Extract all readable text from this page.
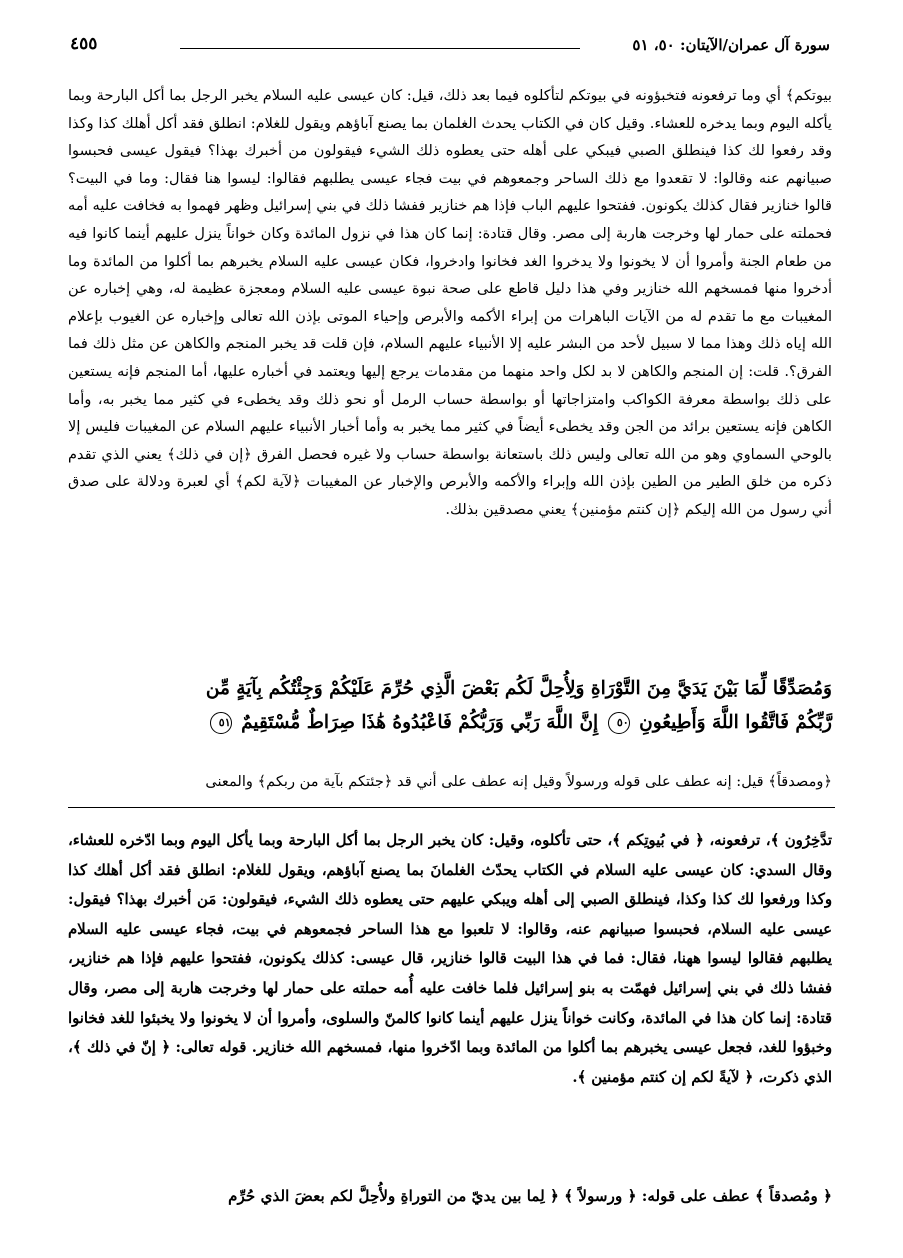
سورة آل عمران/الآيتان: ٥٠، ٥١
٤٥٥

بيوتكم﴾ أي وما ترفعونه فتخبؤونه في بيوتكم لتأكلوه فيما بعد ذلك، قيل: كان عيسى عليه السلام يخبر الرجل بما أكل البارحة وبما يأكله اليوم وبما يدخره للعشاء. وقيل كان في الكتاب يحدث الغلمان بما يصنع آباؤهم ويقول للغلام: انطلق فقد أكل أهلك كذا وكذا وقد رفعوا لك كذا فينطلق الصبي فيبكي على أهله حتى يعطوه ذلك الشيء فيقولون من أخبرك بهذا؟ فيقول عيسى فحبسوا صبيانهم عنه وقالوا: لا تقعدوا مع ذلك الساحر وجمعوهم في بيت فجاء عيسى يطلبهم فقالوا: ليسوا هنا فقال: وما في البيت؟ قالوا خنازير فقال كذلك يكونون. ففتحوا عليهم الباب فإذا هم خنازير ففشا ذلك في بني إسرائيل وظهر فهموا به فخافت عليه أمه فحملته على حمار لها وخرجت هاربة إلى مصر. وقال قتادة: إنما كان هذا في نزول المائدة وكان خواناً ينزل عليهم أينما كانوا فيه من طعام الجنة وأمروا أن لا يخونوا ولا يدخروا الغد فخانوا وادخروا، فكان عيسى عليه السلام يخبرهم بما أكلوا من المائدة وما أدخروا منها فمسخهم الله خنازير وفي هذا دليل قاطع على صحة نبوة عيسى عليه السلام ومعجزة عظيمة له، وهي إخباره عن المغيبات مع ما تقدم له من الآيات الباهرات من إبراء الأكمه والأبرص وإحياء الموتى بإذن الله تعالى وإخباره عن الغيوب بإعلام الله إياه ذلك وهذا مما لا سبيل لأحد من البشر عليه إلا الأنبياء عليهم السلام، فإن قلت قد يخبر المنجم والكاهن عن مثل ذلك فما الفرق؟. قلت: إن المنجم والكاهن لا بد لكل واحد منهما من مقدمات يرجع إليها ويعتمد في أخباره عليها، أما المنجم فإنه يستعين على ذلك بواسطة معرفة الكواكب وامتزاجاتها أو بواسطة حساب الرمل أو نحو ذلك وقد يخطىء في كثير مما يخبر به، وأما الكاهن فإنه يستعين برائد من الجن وقد يخطىء أيضاً في كثير مما يخبر به وأما أخبار الأنبياء عليهم السلام عن المغيبات فليس إلا بالوحي السماوي وهو من الله تعالى وليس ذلك باستعانة بواسطة حساب ولا غيره فحصل الفرق ﴿إن في ذلك﴾ يعني الذي تقدم ذكره من خلق الطير من الطين بإذن الله وإبراء والأكمه والأبرص والإخبار عن المغيبات ﴿لآية لكم﴾ أي لعبرة ودلالة على صدق أني رسول من الله إليكم ﴿إن كنتم مؤمنين﴾ يعني مصدقين بذلك.

وَمُصَدِّقًا لِّمَا بَيْنَ يَدَيَّ مِنَ التَّوْرَاةِ وَلِأُحِلَّ لَكُم بَعْضَ الَّذِي حُرِّمَ عَلَيْكُمْ وَجِئْتُكُم بِآيَةٍ مِّن

رَّبِّكُمْ فَاتَّقُوا اللَّهَ وَأَطِيعُونِ ٥٠ إِنَّ اللَّهَ رَبِّي وَرَبُّكُمْ فَاعْبُدُوهُ هَٰذَا صِرَاطٌ مُّسْتَقِيمٌ ٥١

﴿ومصدقاً﴾ قيل: إنه عطف على قوله ورسولاً وقيل إنه عطف على أني قد ﴿جئتكم بآية من ربكم﴾ والمعنى

تدَّخِرُون ﴾، ترفعونه، ﴿ في بُيوتِكم ﴾، حتى تأكلوه، وقيل: كان يخبر الرجل بما أكل البارحة وبما يأكل اليوم وبما ادّخره للعشاء، وقال السدي: كان عيسى عليه السلام في الكتاب يحدّث الغلمانَ بما يصنع آباؤهم، ويقول للغلام: انطلق فقد أكل أهلك كذا وكذا ورفعوا لك كذا وكذا، فينطلق الصبي إلى أهله ويبكي عليهم حتى يعطوه ذلك الشيء، فيقولون: مَن أخبرك بهذا؟ فيقول: عيسى عليه السلام، فحبسوا صبيانهم عنه، وقالوا: لا تلعبوا مع هذا الساحر فجمعوهم في بيت، فجاء عيسى عليه السلام يطلبهم فقالوا ليسوا ههنا، فقال: فما في هذا البيت قالوا خنازير، قال عيسى: كذلك يكونون، ففتحوا عليهم فإذا هم خنازير، ففشا ذلك في بني إسرائيل فهمّت به بنو إسرائيل فلما خافت عليه أُمه حملته على حمار لها وخرجت هاربة إلى مصر، وقال قتادة: إنما كان هذا في المائدة، وكانت خواناً ينزل عليهم أينما كانوا كالمنّ والسلوى، وأمروا أن لا يخونوا ولا يخبئوا للغد فخانوا وخبؤوا للغد، فجعل عيسى يخبرهم بما أكلوا من المائدة وبما ادّخروا منها، فمسخهم الله خنازير. قوله تعالى: ﴿ إنّ في ذلك ﴾، الذي ذكرت، ﴿ لآيةً لكم إن كنتم مؤمنين ﴾.

﴿ ومُصدقاً ﴾ عطف على قوله: ﴿ ورسولاً ﴾ ﴿ لِما بين يديّ من التوراةِ ولأُحِلَّ لكم بعضَ الذي حُرِّم
